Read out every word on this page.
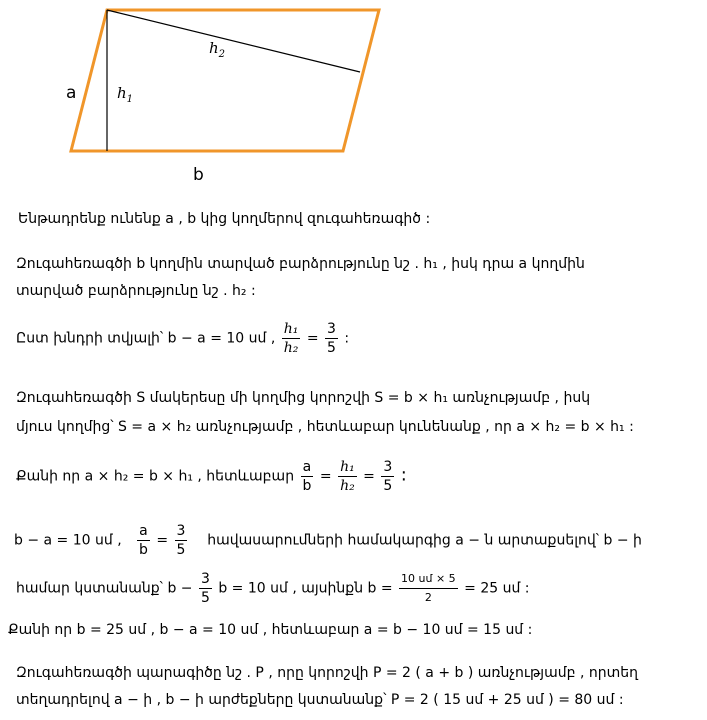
a
b
$h_1$
$h_2$
Ենթադրենք ունենք a , b կից կողմերով զուգահեռագիծ :
Զուգահեռագծի b կողմին տարված բարձրությունը նշ . h₁ , իսկ դրա a կողմին
տարված բարձրությունը նշ . h₂ :
Ըստ խնդրի տվյալի՝ b − a = 10 սմ , $\frac{\text{h₁}}{\text{h₂}} = \frac{3}{5}$ :
Զուգահեռագծի S մակերեսը մի կողմից կորոշվի S = b × h₁ առնչությամբ , իսկ
մյուս կողմից՝ S = a × h₂ առնչությամբ , հետևաբար կունենանք , որ a × h₂ = b × h₁ :
Քանի որ a × h₂ = b × h₁ , հետևաբար $\frac{a}{b} = \frac{\text{h₁}}{\text{h₂}} = \frac{3}{5}$ :
b − a = 10 սմ , $\frac{a}{b} = \frac{3}{5}$ հավասարումների համակարգից a − ն արտաքսելով՝ b − ի
համար կստանանք՝ $b - \frac{3}{5}$ b = 10 սմ , այսինքն $b = \frac{\text{10 սմ × 5}}{2} = 25$ սմ :
Քանի որ b = 25 սմ , b − a = 10 սմ , հետևաբար a = b − 10 սմ = 15 սմ :
Զուգահեռագծի պարագիծը նշ . P , որը կորոշվի P = 2 ( a + b ) առնչությամբ , որտեղ
տեղադրելով a − ի , b − ի արժեքները կստանանք՝ P = 2 ( 15 սմ + 25 սմ ) = 80 սմ :
